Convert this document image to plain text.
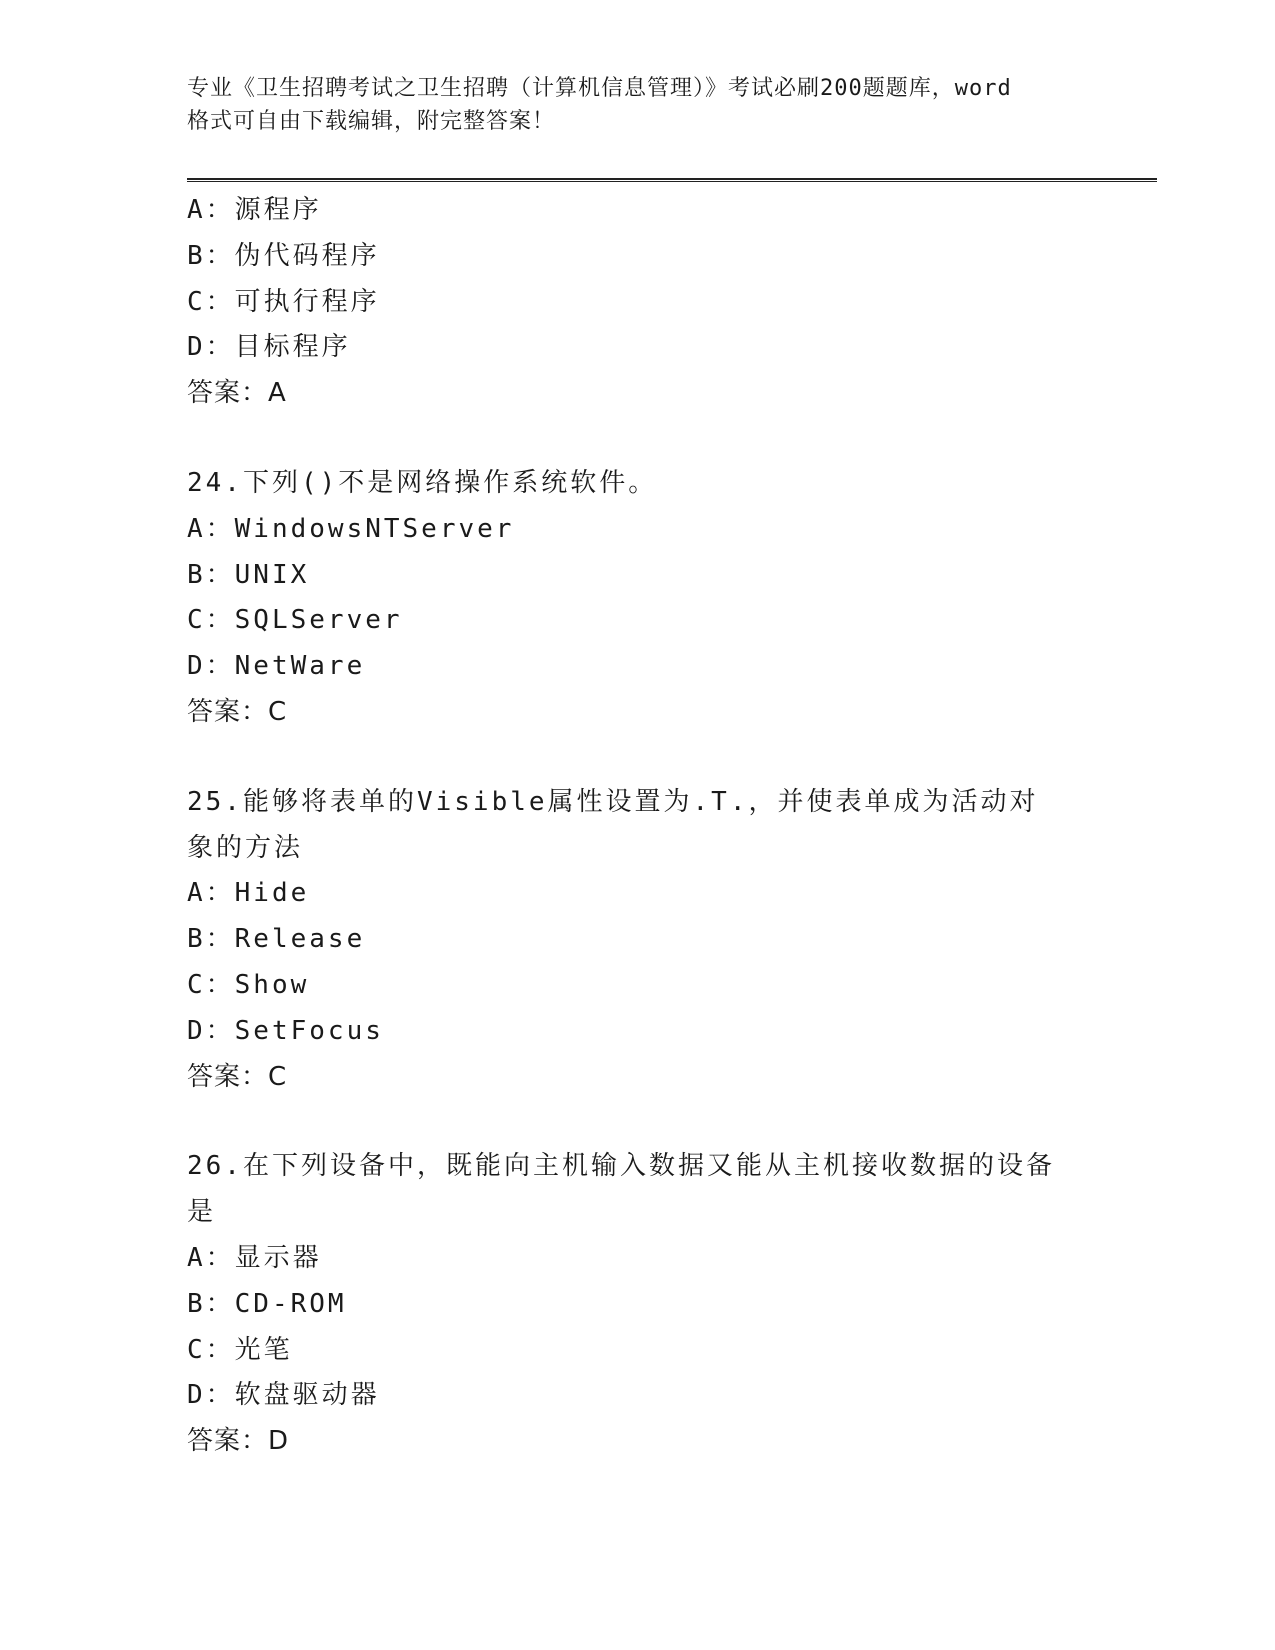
专业《卫生招聘考试之卫生招聘（计算机信息管理）》考试必刷200题题库，word
格式可自由下载编辑，附完整答案！
A：源程序
B：伪代码程序
C：可执行程序
D：目标程序
答案：A
24.下列()不是网络操作系统软件。
A：WindowsNTServer
B：UNIX
C：SQLServer
D：NetWare
答案：C
25.能够将表单的Visible属性设置为.T.，并使表单成为活动对象的方法
A：Hide
B：Release
C：Show
D：SetFocus
答案：C
26.在下列设备中，既能向主机输入数据又能从主机接收数据的设备是
A：显示器
B：CD-ROM
C：光笔
D：软盘驱动器
答案：D
